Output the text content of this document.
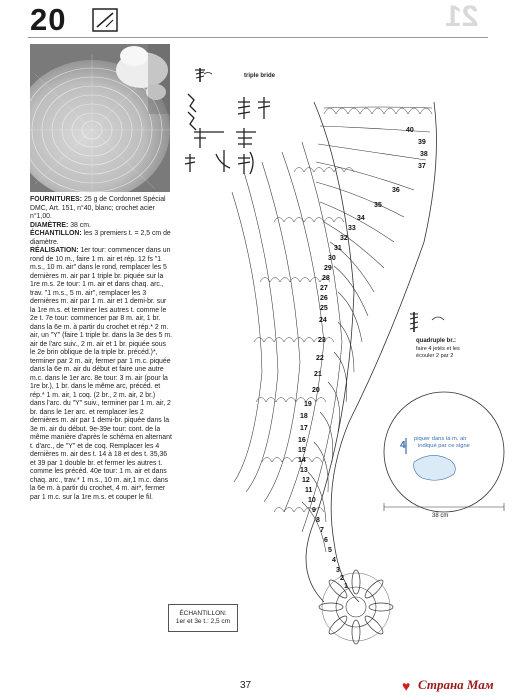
20	21

FOURNITURES: 25 g de Cordonnet Spécial DMC, Art. 151, n°40, blanc; crochet acier n°1,00.

DIAMÈTRE: 38 cm.

ÉCHANTILLON: les 3 premiers t. = 2,5 cm de diamètre.

RÉALISATION: 1er tour: commencer dans un rond de 10 m., faire 1 m. air et rép. 12 fs "1 m.s., 10 m. air" dans le rond, remplacer les 5 dernières m. air par 1 triple br. piquée sur la 1re m.s. 2e tour: 1 m. air et dans chaq. arc., trav. "1 m.s., 5 m. air", remplacer les 3 dernières m. air par 1 m. air et 1 demi-br. sur la 1re m.s. et terminer les autres t. comme le 2e t. 7e tour: commencer par 8 m. air, 1 br. dans la 6e m. à partir du crochet et rép.* 2 m. air, un "Y" (faire 1 triple br. dans la 3e des 5 m. air de l'arc suiv., 2 m. air et 1 br. piquée sous le 2e brin oblique de la triple br. précéd.)*, terminer par 2 m. air, fermer par 1 m.c. piquée dans la 6e m. air du début et faire une autre m.c. dans le 1er arc. 8e tour: 3 m. air (pour la 1re br.), 1 br. dans le même arc, précéd. et rép.* 1 m. air, 1 coq. (2 br., 2 m. air, 2 br.) dans l'arc. du "Y" suiv., terminer par 1 m. air, 2 br. dans le 1er arc. et remplacer les 2 dernières m. air par 1 demi-br. piquée dans la 3e m. air du début. 9e-39e tour: cont. de la même manière d'après le schéma en alternant t. d'arc., de "Y" et de coq. Remplacer les 4 dernières m. air des t. 14 à 18 et des t. 35,36 et 39 par 1 double br. et fermer les autres t. comme les précéd. 40e tour: 1 m. air et dans chaq. arc., trav.* 1 m.s., 10 m. air,1 m.c. dans la 6e m. à partir du crochet, 4 m. air*, fermer par 1 m.c. sur la 1re m.s. et couper le fil.

triple bride
quadruple br.:
faire 4 jetés et les
écouler 2 par 2
40
39
38
37
36
35
34
33
32
31
30
29
28
27
26
25
24
23
22
21
20
19
18
17
16
15
14
13
12
11
10
9
8
7
6
5
4
3
2
1
4
piquer dans la m. air
indiqué par ce signe
38 cm
ÉCHANTILLON:
1er et 3e t.: 2,5 cm
37	♥ Страна Мам
